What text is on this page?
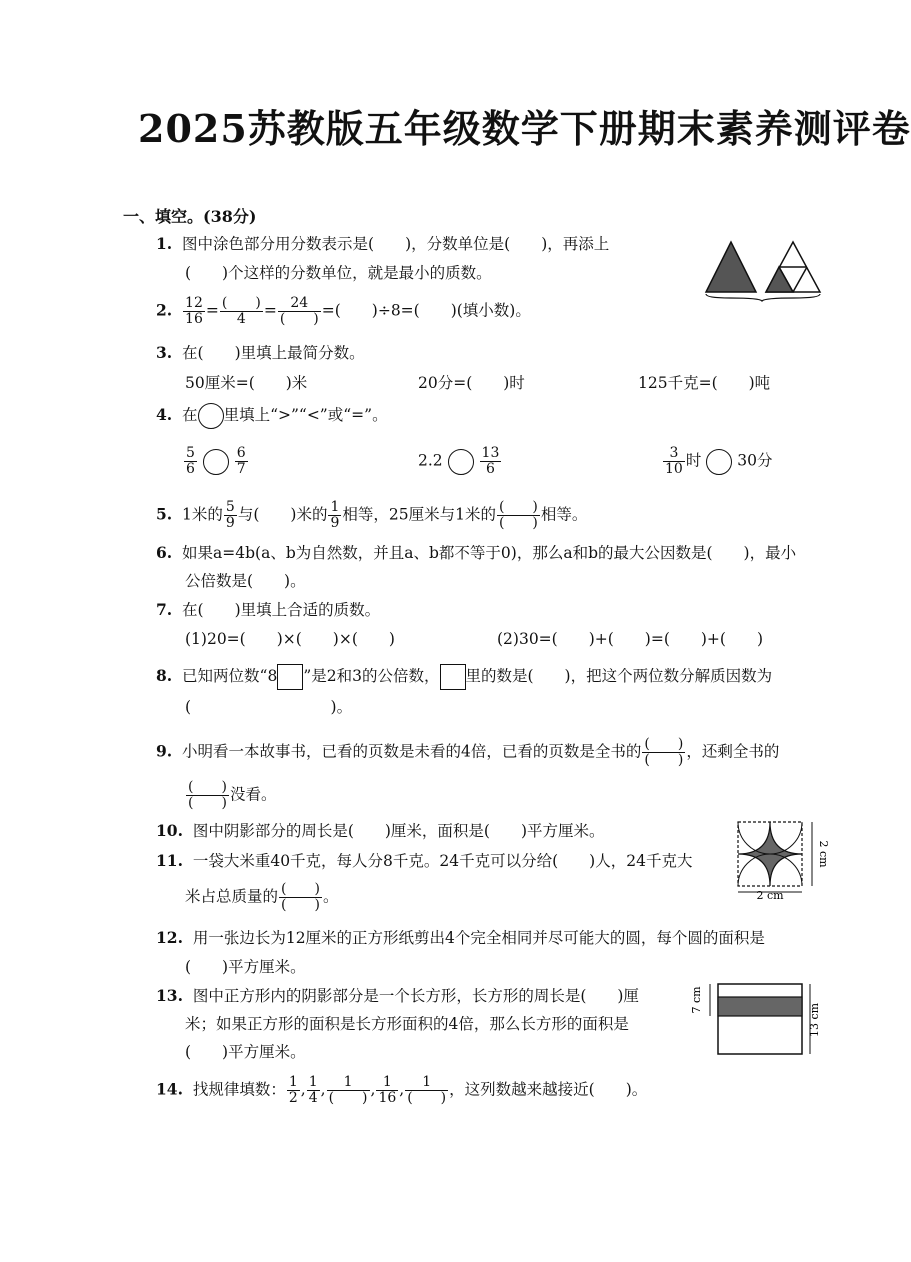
2025苏教版五年级数学下册期末素养测评卷
一、填空。(38分)
1. 图中涂色部分用分数表示是(　　)，分数单位是(　　)，再添上
(　　)个这样的分数单位，就是最小的质数。
2. $\frac{12}{16} = \frac{( )}{4} = \frac{24}{( )}$ =(　　)÷8=(　　)(填小数)。
3. 在(　　)里填上最简分数。
50厘米=(　　)米	20分=(　　)时	125千克=(　　)吨
4. 在 里填上“>”“<”或“=”。
$\frac{5}{6}$
	$\frac{6}{7}$	2.2	$\frac{13}{6}$	$\frac{3}{10}$ 时 30分
5. 1米的 $\frac{5}{9}$ 与(　　)米的 $\frac{1}{9}$ 相等，25厘米与1米的 $\frac{( )}{( )}$ 相等。
6. 如果a=4b(a、b为自然数，并且a、b都不等于0)，那么a和b的最大公因数是(　　)，最小
公倍数是(　　)。
7. 在(　　)里填上合适的质数。
(1)20=(　　)×(　　)×(　　)	(2)30=(　　)+(　　)=(　　)+(　　)
8. 已知两位数“8 ”是2和3的公倍数， 里的数是(　　)，把这个两位数分解质因数为
(　　　　　　　　　)。
9. 小明看一本故事书，已看的页数是未看的4倍，已看的页数是全书的 $\frac{( )}{( )}$ ，还剩全书的
$\frac{( )}{( )}$ 没看。
10. 图中阴影部分的周长是(　　)厘米，面积是(　　)平方厘米。
2 cm
2 cm
11. 一袋大米重40千克，每人分8千克。24千克可以分给(　　)人，24千克大
米占总质量的 $\frac{( )}{( )}$ 。
12. 用一张边长为12厘米的正方形纸剪出4个完全相同并尽可能大的圆，每个圆的面积是
(　　)平方厘米。
13. 图中正方形内的阴影部分是一个长方形，长方形的周长是(　　)厘
米；如果正方形的面积是长方形面积的4倍，那么长方形的面积是
(　　)平方厘米。
7 cm
13 cm
14. 找规律填数： $\frac{1}{2}$ , $\frac{1}{4}$ , $\frac{1}{( )}$ , $\frac{1}{16}$ , $\frac{1}{( )}$ ，这列数越来越接近(　　)。
